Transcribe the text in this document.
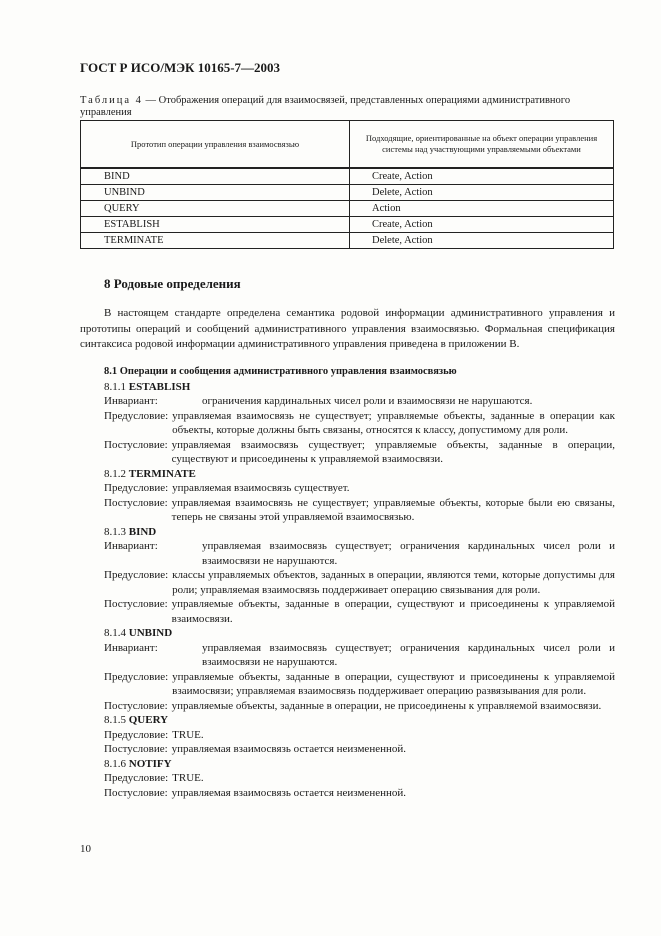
ГОСТ Р ИСО/МЭК 10165-7—2003
Таблица 4 — Отображения операций для взаимосвязей, представленных операциями административного управления
Прототип операции управления взаимосвязью	Подходящие, ориентированные на объект операции управления системы над участвующими управляемыми объектами
BIND	Create, Action
UNBIND	Delete, Action
QUERY	Action
ESTABLISH	Create, Action
TERMINATE	Delete, Action
8 Родовые определения

В настоящем стандарте определена семантика родовой информации административного управления и прототипы операций и сообщений административного управления взаимосвязью. Формальная спецификация синтаксиса родовой информации административного управления приведена в приложении В.

8.1 Операции и сообщения административного управления взаимосвязью
8.1.1 ESTABLISH
Инвариант:	ограничения кардинальных чисел роли и взаимосвязи не нарушаются.
Предусловие: управляемая взаимосвязь не существует; управляемые объекты, заданные в операции как объекты, которые должны быть связаны, относятся к классу, допустимому для роли.
Постусловие: управляемая взаимосвязь существует; управляемые объекты, заданные в операции, существуют и присоединены к управляемой взаимосвязи.
8.1.2 TERMINATE
Предусловие: управляемая взаимосвязь существует.
Постусловие: управляемая взаимосвязь не существует; управляемые объекты, которые были ею связаны, теперь не связаны этой управляемой взаимосвязью.
8.1.3 BIND
Инвариант:	управляемая взаимосвязь существует; ограничения кардинальных чисел роли и взаимосвязи не нарушаются.
Предусловие: классы управляемых объектов, заданных в операции, являются теми, которые допустимы для роли; управляемая взаимосвязь поддерживает операцию связывания для роли.
Постусловие: управляемые объекты, заданные в операции, существуют и присоединены к управляемой взаимосвязи.
8.1.4 UNBIND
Инвариант:	управляемая взаимосвязь существует; ограничения кардинальных чисел роли и взаимосвязи не нарушаются.
Предусловие: управляемые объекты, заданные в операции, существуют и присоединены к управляемой взаимосвязи; управляемая взаимосвязь поддерживает операцию развязывания для роли.
Постусловие: управляемые объекты, заданные в операции, не присоединены к управляемой взаимосвязи.
8.1.5 QUERY
Предусловие: TRUE.
Постусловие: управляемая взаимосвязь остается неизмененной.
8.1.6 NOTIFY
Предусловие: TRUE.
Постусловие: управляемая взаимосвязь остается неизмененной.
10
